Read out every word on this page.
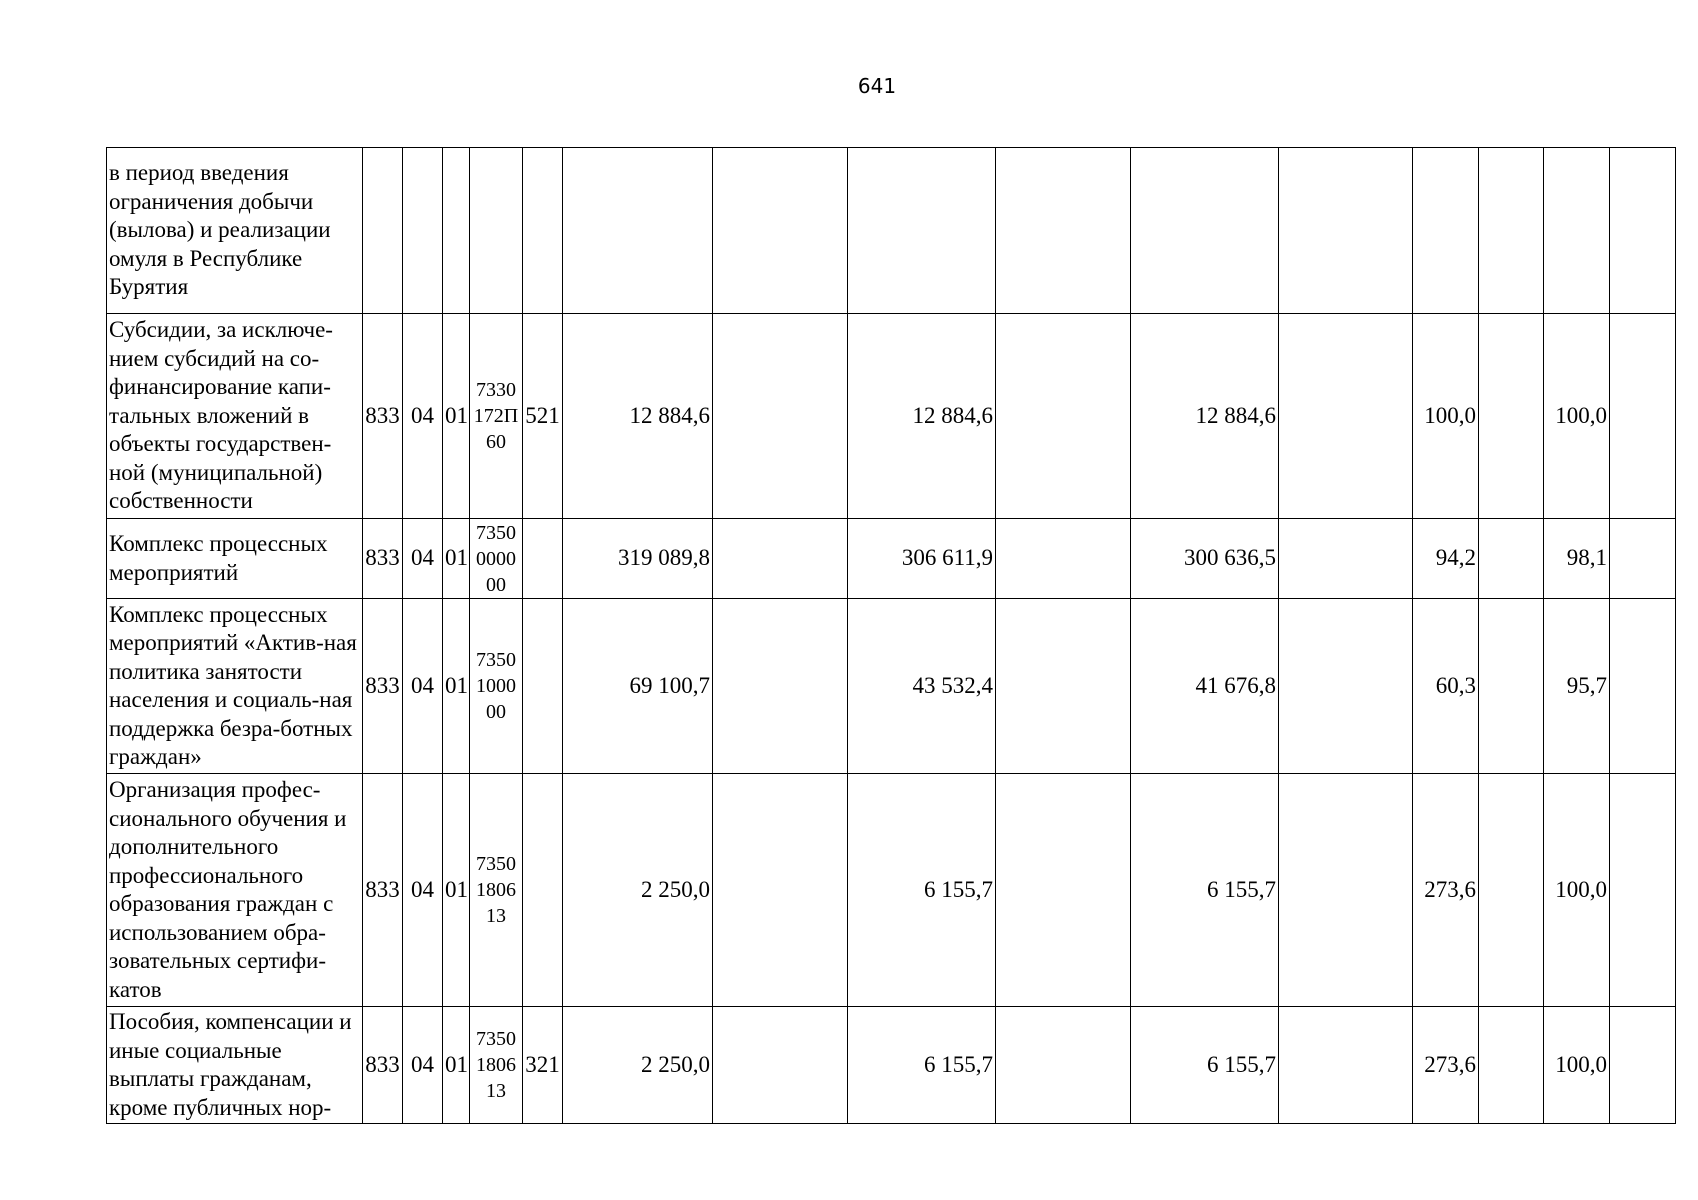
641
в период введения ограничения добычи (вылова) и реализации омуля в Республике Бурятия															
Субсидии, за исключе-нием субсидий на со-финансирование капи-тальных вложений в объекты государствен-ной (муниципальной) собственности	833	04	01	7330 172П 60	521	12 884,6		12 884,6		12 884,6		100,0		100,0	
Комплекс процессных мероприятий	833	04	01	7350 0000 00		319 089,8		306 611,9		300 636,5		94,2		98,1	
Комплекс процессных мероприятий «Актив-ная политика занятости населения и социаль-ная поддержка безра-ботных граждан»	833	04	01	7350 1000 00		69 100,7		43 532,4		41 676,8		60,3		95,7	
Организация профес-сионального обучения и дополнительного профессионального образования граждан с использованием обра-зовательных сертифи-катов	833	04	01	7350 1806 13		2 250,0		6 155,7		6 155,7		273,6		100,0	
Пособия, компенсации и иные социальные выплаты гражданам, кроме публичных нор-	833	04	01	7350 1806 13	321	2 250,0		6 155,7		6 155,7		273,6		100,0	
